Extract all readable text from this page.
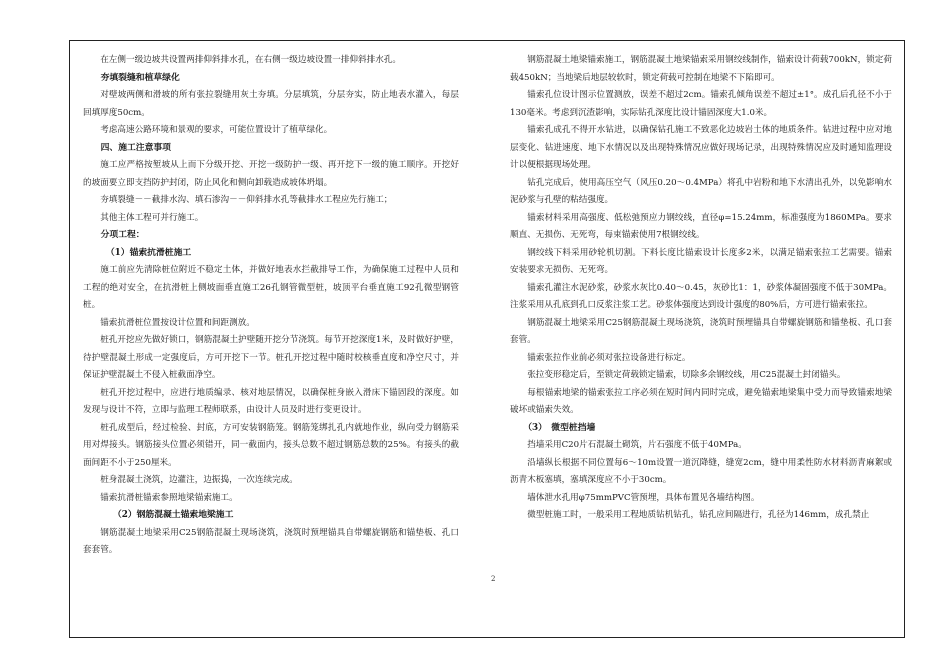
在左侧一级边坡共设置两排仰斜排水孔，在右侧一级边坡设置一排仰斜排水孔。

夯填裂缝和植草绿化

对壁坡两侧和滑坡的所有张拉裂缝用灰土夯填。分层填筑，分层夯实，防止地表水灌入，每层回填厚度50cm。

考虑高速公路环境和景观的要求，可能位置设计了植草绿化。

四、施工注意事项

施工应严格按堑坡从上而下分级开挖、开挖一级防护一级、再开挖下一级的施工顺序。开挖好的坡面要立即支挡防护封闭，防止风化和侧向卸载造成坡体坍塌。

夯填裂缝－－截排水沟、填石渗沟－－仰斜排水孔等截排水工程应先行施工；

其他主体工程可并行施工。

分项工程：
（1）锚索抗滑桩施工

施工前应先清除桩位附近不稳定土体，并做好地表水拦截排导工作，为确保施工过程中人员和工程的绝对安全，在抗滑桩上侧坡面垂直施工26孔钢管微型桩，坡顶平台垂直施工92孔微型钢管桩。

锚索抗滑桩位置按设计位置和间距测放。

桩孔开挖应先做好锁口，钢筋混凝土护壁随开挖分节浇筑。每节开挖深度1米，及时做好护壁，待护壁混凝土形成一定强度后，方可开挖下一节。桩孔开挖过程中随时校核垂直度和净空尺寸，并保证护壁混凝土不侵入桩截面净空。

桩孔开挖过程中，应进行地质编录、核对地层情况，以确保桩身嵌入滑床下锚固段的深度。如发现与设计不符，立即与监理工程师联系，由设计人员及时进行变更设计。

桩孔成型后，经过检验、封底，方可安装钢筋笼。钢筋笼绑扎孔内就地作业，纵向受力钢筋采用对焊接头。钢筋接头位置必须错开，同一截面内，接头总数不超过钢筋总数的25%。有接头的截面间距不小于250厘米。

桩身混凝土浇筑，边灌注，边振捣，一次连续完成。

锚索抗滑桩锚索参照地梁锚索施工。

（2）钢筋混凝土锚索地梁施工

钢筋混凝土地梁采用C25钢筋混凝土现场浇筑，浇筑时预埋锚具自带螺旋钢筋和锚垫板、孔口套套管。

钢筋混凝土地梁锚索施工，钢筋混凝土地梁锚索采用钢绞线制作，锚索设计荷载700kN，锁定荷载450kN；当地梁后地层较软时，锁定荷载可控制在地梁不下陷即可。

锚索孔位设计图示位置测放，误差不超过2cm。锚索孔倾角误差不超过±1°。成孔后孔径不小于130毫米。考虑到沉渣影响，实际钻孔深度比设计锚固深度大1.0米。

锚索孔成孔不得开水钻进，以确保钻孔施工不致恶化边坡岩土体的地质条件。钻进过程中应对地层变化、钻进速度、地下水情况以及出现特殊情况应做好现场记录，出现特殊情况应及时通知监理设计以便根据现场处理。

钻孔完成后，使用高压空气（风压0.20～0.4MPa）将孔中岩粉和地下水清出孔外，以免影响水泥砂浆与孔壁的粘结强度。

锚索材料采用高强度、低松弛预应力钢绞线，直径φ=15.24mm，标准强度为1860MPa。要求顺直、无损伤、无死弯，每束锚索使用7根钢绞线。

钢绞线下料采用砂轮机切割。下料长度比锚索设计长度多2米，以满足锚索张拉工艺需要。锚索安装要求无损伤、无死弯。

锚索孔灌注水泥砂浆，砂浆水灰比0.40～0.45，灰砂比1：1，砂浆体凝固强度不低于30MPa。注浆采用从孔底到孔口反浆注浆工艺。砂浆体强度达到设计强度的80%后，方可进行锚索张拉。

钢筋混凝土地梁采用C25钢筋混凝土现场浇筑，浇筑时预埋锚具自带螺旋钢筋和锚垫板、孔口套套管。

锚索张拉作业前必须对张拉设备进行标定。

张拉变形稳定后，至锁定荷载锁定锚索，切除多余钢绞线，用C25混凝土封闭锚头。

每根锚索地梁的锚索张拉工序必须在短时间内同时完成，避免锚索地梁集中受力而导致锚索地梁破坏或锚索失效。

（3）　微型桩挡墙

挡墙采用C20片石混凝土砌筑，片石强度不低于40MPa。

沿墙纵长根据不同位置每6～10m设置一道沉降缝，缝宽2cm，缝中用柔性防水材料沥青麻絮或沥青木板塞填，塞填深度应不小于30cm。

墙体泄水孔用φ75mmPVC管预埋，具体布置见各墙结构图。

微型桩施工时，一般采用工程地质钻机钻孔，钻孔应间隔进行，孔径为146mm，成孔禁止

2
